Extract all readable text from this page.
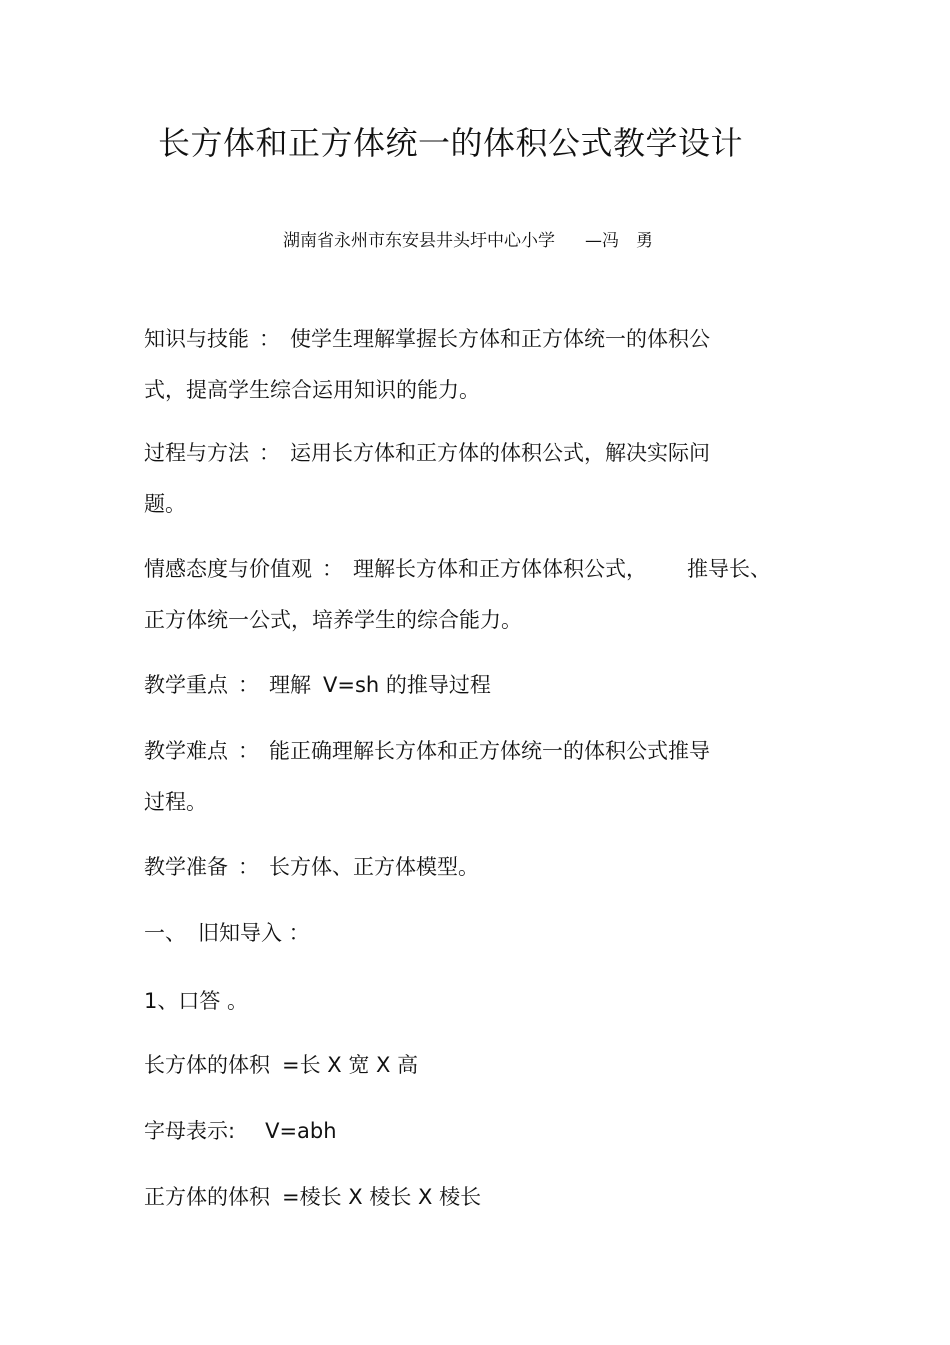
长方体和正方体统一的体积公式教学设计
湖南省永州市东安县井头圩中心小学 —冯　勇

知识与技能 ： 使学生理解掌握长方体和正方体统一的体积公
式，提高学生综合运用知识的能力。

过程与方法 ： 运用长方体和正方体的体积公式，解决实际问
题。

情感态度与价值观 ： 理解长方体和正方体体积公式， 推导长、
正方体统一公式，培养学生的综合能力。

教学重点 ： 理解 V=sh 的推导过程

教学难点 ： 能正确理解长方体和正方体统一的体积公式推导
过程。

教学准备 ： 长方体、正方体模型。

一、 旧知导入 ：

1、口答 。

长方体的体积 =长 X 宽 X 高

字母表示: V=abh

正方体的体积 =棱长 X 棱长 X 棱长
